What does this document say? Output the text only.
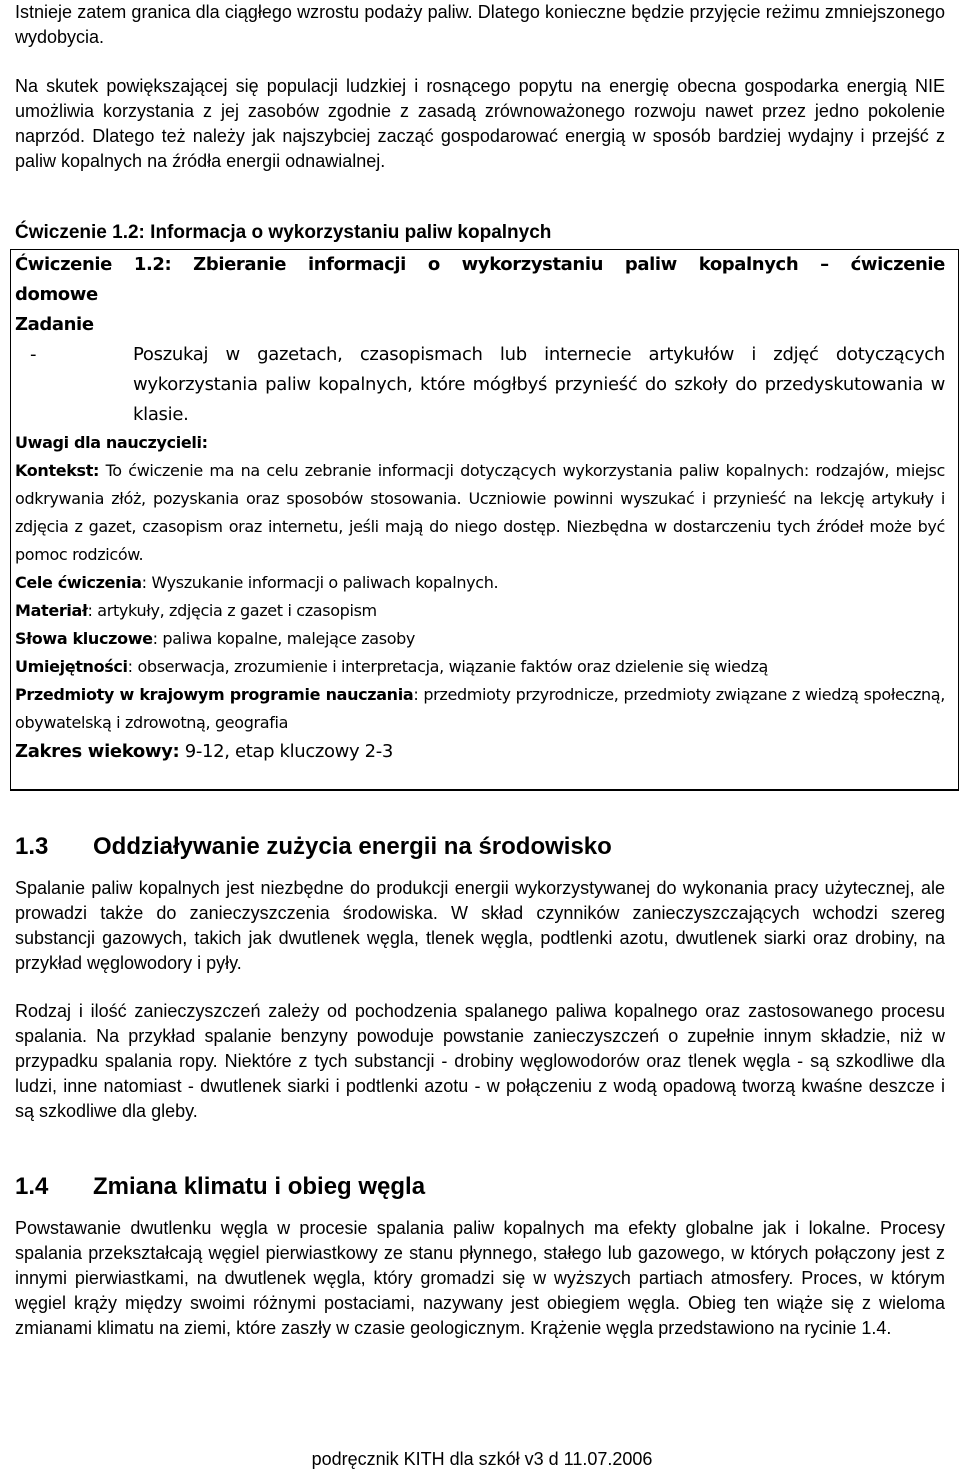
Istnieje zatem granica dla ciągłego wzrostu podaży paliw. Dlatego konieczne będzie przyjęcie reżimu zmniejszonego wydobycia.

Na skutek powiększającej się populacji ludzkiej i rosnącego popytu na energię obecna gospodarka energią NIE umożliwia korzystania z jej zasobów zgodnie z zasadą zrównoważonego rozwoju nawet przez jedno pokolenie naprzód. Dlatego też należy jak najszybciej zacząć gospodarować energią w sposób bardziej wydajny i przejść z paliw kopalnych na źródła energii odnawialnej.

Ćwiczenie 1.2: Informacja o wykorzystaniu paliw kopalnych

Ćwiczenie 1.2: Zbieranie informacji o wykorzystaniu paliw kopalnych – ćwiczenie
domowe
Zadanie
-	Poszukaj w gazetach, czasopismach lub internecie artykułów i zdjęć dotyczących wykorzystania paliw kopalnych, które mógłbyś przynieść do szkoły do przedyskutowania w klasie.
Uwagi dla nauczycieli:
Kontekst: To ćwiczenie ma na celu zebranie informacji dotyczących wykorzystania paliw kopalnych: rodzajów, miejsc odkrywania złóż, pozyskania oraz sposobów stosowania. Uczniowie powinni wyszukać i przynieść na lekcję artykuły i zdjęcia z gazet, czasopism oraz internetu, jeśli mają do niego dostęp. Niezbędna w dostarczeniu tych źródeł może być pomoc rodziców.
Cele ćwiczenia: Wyszukanie informacji o paliwach kopalnych.
Materiał: artykuły, zdjęcia z gazet i czasopism
Słowa kluczowe: paliwa kopalne, malejące zasoby
Umiejętności: obserwacja, zrozumienie i interpretacja, wiązanie faktów oraz dzielenie się wiedzą
Przedmioty w krajowym programie nauczania: przedmioty przyrodnicze, przedmioty związane z wiedzą społeczną, obywatelską i zdrowotną, geografia
Zakres wiekowy: 9-12, etap kluczowy 2-3
1.3 Oddziaływanie zużycia energii na środowisko

Spalanie paliw kopalnych jest niezbędne do produkcji energii wykorzystywanej do wykonania pracy użytecznej, ale prowadzi także do zanieczyszczenia środowiska. W skład czynników zanieczyszczających wchodzi szereg substancji gazowych, takich jak dwutlenek węgla, tlenek węgla, podtlenki azotu, dwutlenek siarki oraz drobiny, na przykład węglowodory i pyły.

Rodzaj i ilość zanieczyszczeń zależy od pochodzenia spalanego paliwa kopalnego oraz zastosowanego procesu spalania. Na przykład spalanie benzyny powoduje powstanie zanieczyszczeń o zupełnie innym składzie, niż w przypadku spalania ropy. Niektóre z tych substancji - drobiny węglowodorów oraz tlenek węgla - są szkodliwe dla ludzi, inne natomiast - dwutlenek siarki i podtlenki azotu - w połączeniu z wodą opadową tworzą kwaśne deszcze i są szkodliwe dla gleby.

1.4 Zmiana klimatu i obieg węgla

Powstawanie dwutlenku węgla w procesie spalania paliw kopalnych ma efekty globalne jak i lokalne. Procesy spalania przekształcają węgiel pierwiastkowy ze stanu płynnego, stałego lub gazowego, w których połączony jest z innymi pierwiastkami, na dwutlenek węgla, który gromadzi się w wyższych partiach atmosfery. Proces, w którym węgiel krąży między swoimi różnymi postaciami, nazywany jest obiegiem węgla. Obieg ten wiąże się z wieloma zmianami klimatu na ziemi, które zaszły w czasie geologicznym. Krążenie węgla przedstawiono na rycinie 1.4.

podręcznik KITH dla szkół v3 d 11.07.2006
